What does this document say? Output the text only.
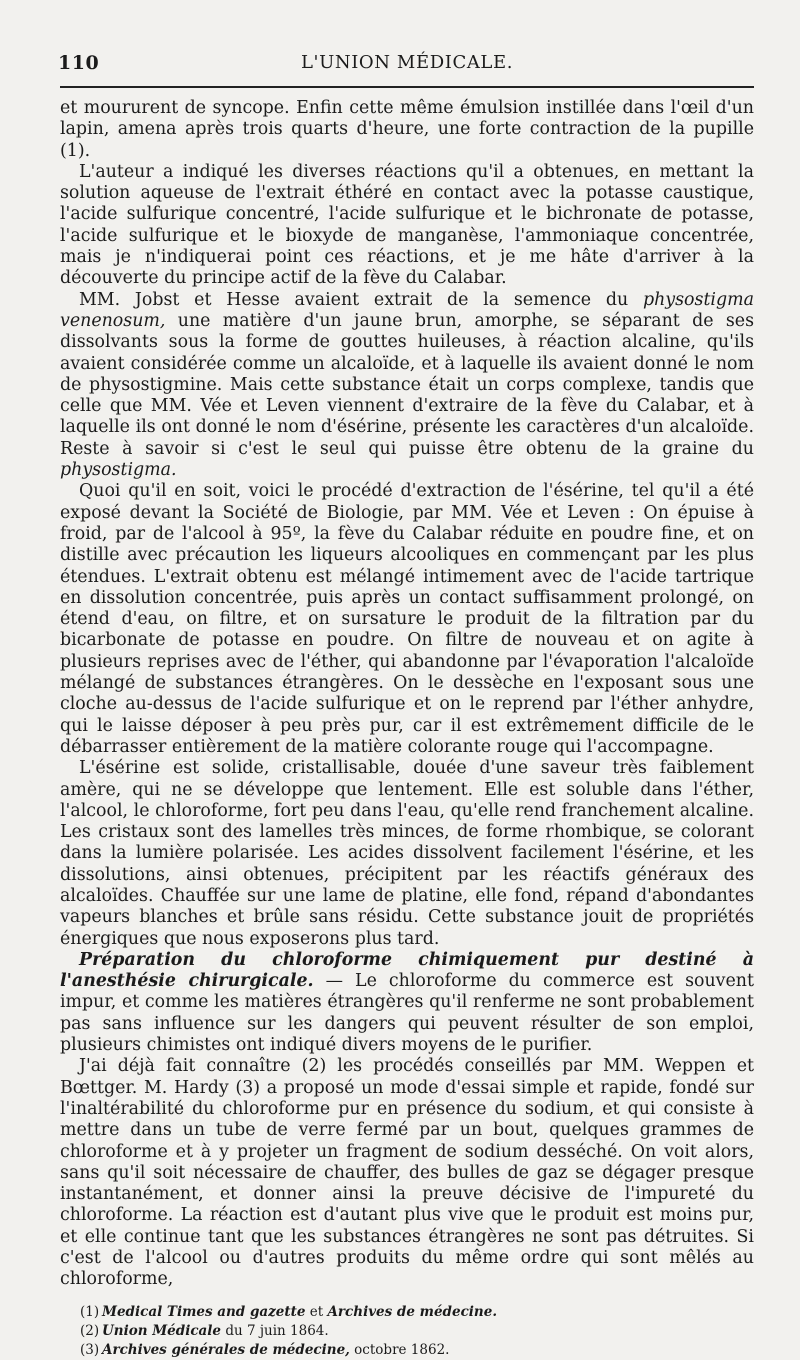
110	L'UNION MÉDICALE.

et moururent de syncope. Enfin cette même émulsion instillée dans l'œil d'un lapin, amena après trois quarts d'heure, une forte contraction de la pupille (1).

L'auteur a indiqué les diverses réactions qu'il a obtenues, en mettant la solution aqueuse de l'extrait éthéré en contact avec la potasse caustique, l'acide sulfurique concentré, l'acide sulfurique et le bichronate de potasse, l'acide sulfurique et le bioxyde de manganèse, l'ammoniaque concentrée, mais je n'indiquerai point ces réactions, et je me hâte d'arriver à la découverte du principe actif de la fève du Calabar.

MM. Jobst et Hesse avaient extrait de la semence du physostigma venenosum, une matière d'un jaune brun, amorphe, se séparant de ses dissolvants sous la forme de gouttes huileuses, à réaction alcaline, qu'ils avaient considérée comme un alcaloïde, et à laquelle ils avaient donné le nom de physostigmine. Mais cette substance était un corps complexe, tandis que celle que MM. Vée et Leven viennent d'extraire de la fève du Calabar, et à laquelle ils ont donné le nom d'ésérine, présente les caractères d'un alcaloïde. Reste à savoir si c'est le seul qui puisse être obtenu de la graine du physostigma.

Quoi qu'il en soit, voici le procédé d'extraction de l'ésérine, tel qu'il a été exposé devant la Société de Biologie, par MM. Vée et Leven : On épuise à froid, par de l'alcool à 95º, la fève du Calabar réduite en poudre fine, et on distille avec précaution les liqueurs alcooliques en commençant par les plus étendues. L'extrait obtenu est mélangé intimement avec de l'acide tartrique en dissolution concentrée, puis après un contact suffisamment prolongé, on étend d'eau, on filtre, et on sursature le produit de la filtration par du bicarbonate de potasse en poudre. On filtre de nouveau et on agite à plusieurs reprises avec de l'éther, qui abandonne par l'évaporation l'alcaloïde mélangé de substances étrangères. On le dessèche en l'exposant sous une cloche au-dessus de l'acide sulfurique et on le reprend par l'éther anhydre, qui le laisse déposer à peu près pur, car il est extrêmement difficile de le débarrasser entièrement de la matière colorante rouge qui l'accompagne.

L'ésérine est solide, cristallisable, douée d'une saveur très faiblement amère, qui ne se développe que lentement. Elle est soluble dans l'éther, l'alcool, le chloroforme, fort peu dans l'eau, qu'elle rend franchement alcaline. Les cristaux sont des lamelles très minces, de forme rhombique, se colorant dans la lumière polarisée. Les acides dissolvent facilement l'ésérine, et les dissolutions, ainsi obtenues, précipitent par les réactifs généraux des alcaloïdes. Chauffée sur une lame de platine, elle fond, répand d'abondantes vapeurs blanches et brûle sans résidu. Cette substance jouit de propriétés énergiques que nous exposerons plus tard.

Préparation du chloroforme chimiquement pur destiné à l'anesthésie chirurgicale. — Le chloroforme du commerce est souvent impur, et comme les matières étrangères qu'il renferme ne sont probablement pas sans influence sur les dangers qui peuvent résulter de son emploi, plusieurs chimistes ont indiqué divers moyens de le purifier.

J'ai déjà fait connaître (2) les procédés conseillés par MM. Weppen et Bœttger. M. Hardy (3) a proposé un mode d'essai simple et rapide, fondé sur l'inaltérabilité du chloroforme pur en présence du sodium, et qui consiste à mettre dans un tube de verre fermé par un bout, quelques grammes de chloroforme et à y projeter un fragment de sodium desséché. On voit alors, sans qu'il soit nécessaire de chauffer, des bulles de gaz se dégager presque instantanément, et donner ainsi la preuve décisive de l'impureté du chloroforme. La réaction est d'autant plus vive que le produit est moins pur, et elle continue tant que les substances étrangères ne sont pas détruites. Si c'est de l'alcool ou d'autres produits du même ordre qui sont mêlés au chloroforme,

(1) Medical Times and gazette et Archives de médecine.
(2) Union Médicale du 7 juin 1864.
(3) Archives générales de médecine, octobre 1862.
